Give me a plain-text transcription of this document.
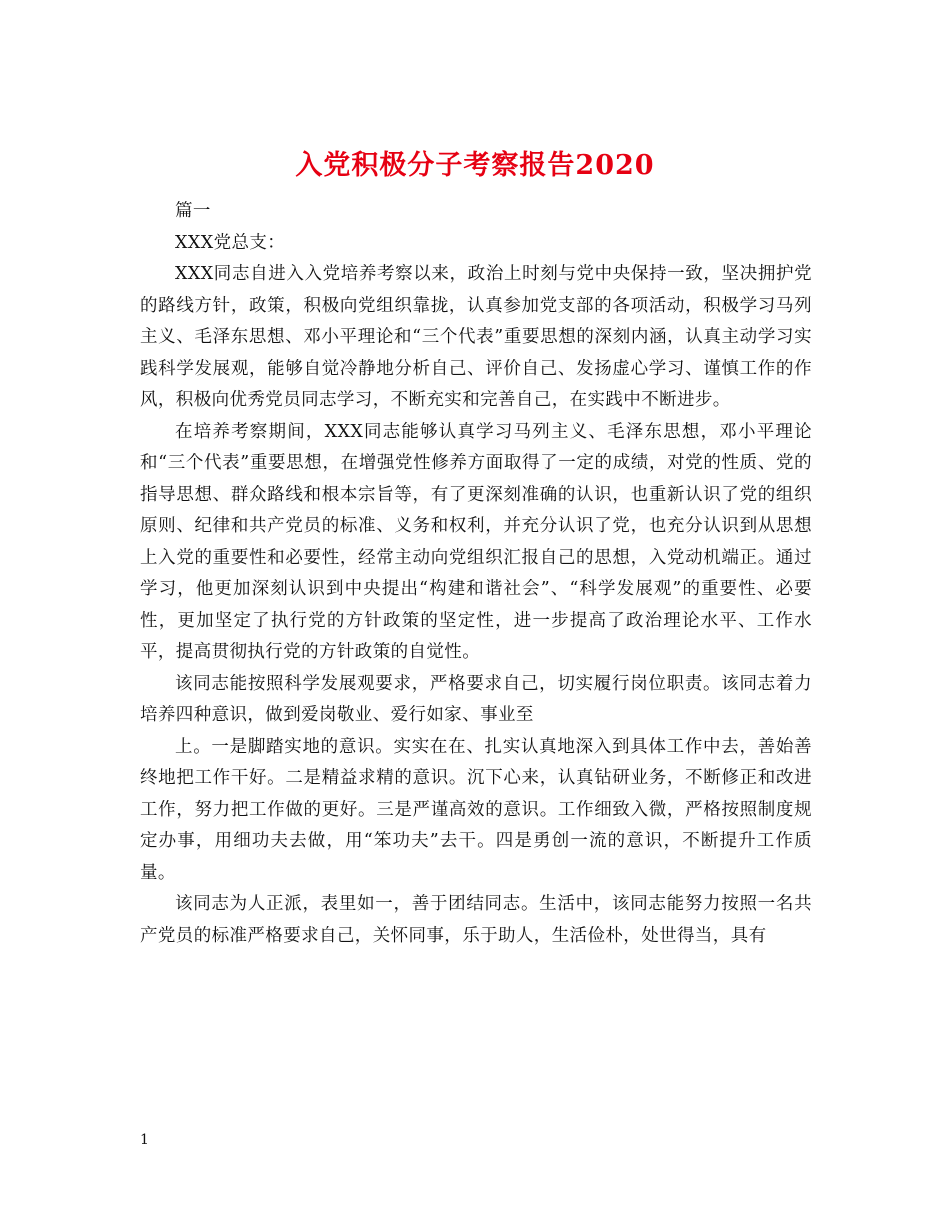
入党积极分子考察报告2020

篇一

XXX党总支：

XXX同志自进入入党培养考察以来，政治上时刻与党中央保持一致，坚决拥护党的路线方针，政策，积极向党组织靠拢，认真参加党支部的各项活动，积极学习马列主义、毛泽东思想、邓小平理论和“三个代表”重要思想的深刻内涵，认真主动学习实践科学发展观，能够自觉冷静地分析自己、评价自己、发扬虚心学习、谨慎工作的作风，积极向优秀党员同志学习，不断充实和完善自己，在实践中不断进步。

在培养考察期间，XXX同志能够认真学习马列主义、毛泽东思想，邓小平理论和“三个代表”重要思想，在增强党性修养方面取得了一定的成绩，对党的性质、党的指导思想、群众路线和根本宗旨等，有了更深刻准确的认识，也重新认识了党的组织原则、纪律和共产党员的标准、义务和权利，并充分认识了党，也充分认识到从思想上入党的重要性和必要性，经常主动向党组织汇报自己的思想，入党动机端正。通过学习，他更加深刻认识到中央提出“构建和谐社会”、“科学发展观”的重要性、必要性，更加坚定了执行党的方针政策的坚定性，进一步提高了政治理论水平、工作水平，提高贯彻执行党的方针政策的自觉性。

该同志能按照科学发展观要求，严格要求自己，切实履行岗位职责。该同志着力培养四种意识，做到爱岗敬业、爱行如家、事业至

上。一是脚踏实地的意识。实实在在、扎实认真地深入到具体工作中去，善始善终地把工作干好。二是精益求精的意识。沉下心来，认真钻研业务，不断修正和改进工作，努力把工作做的更好。三是严谨高效的意识。工作细致入微，严格按照制度规定办事，用细功夫去做，用“笨功夫”去干。四是勇创一流的意识，不断提升工作质量。

该同志为人正派，表里如一，善于团结同志。生活中，该同志能努力按照一名共产党员的标准严格要求自己，关怀同事，乐于助人，生活俭朴，处世得当，具有

1
